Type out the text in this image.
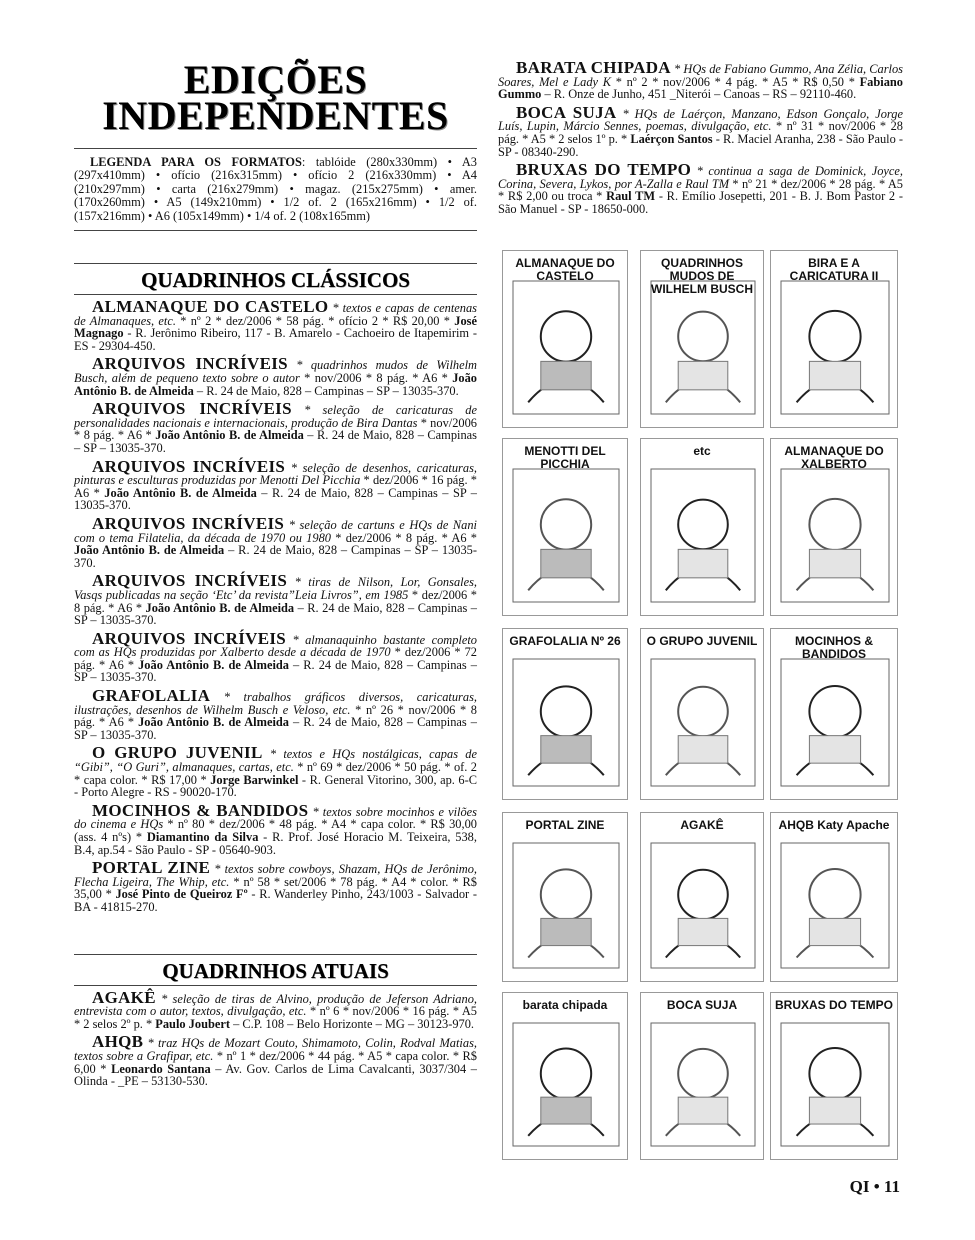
EDIÇÕES
INDEPENDENTES

LEGENDA PARA OS FORMATOS: tablóide (280x330mm) • A3 (297x410mm) • ofício (216x315mm) • ofício 2 (216x330mm) • A4 (210x297mm) • carta (216x279mm) • magaz. (215x275mm) • amer. (170x260mm) • A5 (149x210mm) • 1/2 of. 2 (165x216mm) • 1/2 of. (157x216mm) • A6 (105x149mm) • 1/4 of. 2 (108x165mm)

QUADRINHOS CLÁSSICOS

ALMANAQUE DO CASTELO * textos e capas de centenas de Almanaques, etc. * nº 2 * dez/2006 * 58 pág. * ofício 2 * R$ 20,00 * José Magnago - R. Jerônimo Ribeiro, 117 - B. Amarelo - Cachoeiro de Itapemirim - ES - 29304-450.

ARQUIVOS INCRÍVEIS * quadrinhos mudos de Wilhelm Busch, além de pequeno texto sobre o autor * nov/2006 * 8 pág. * A6 * João Antônio B. de Almeida – R. 24 de Maio, 828 – Campinas – SP – 13035-370.

ARQUIVOS INCRÍVEIS * seleção de caricaturas de personalidades nacionais e internacionais, produção de Bira Dantas * nov/2006 * 8 pág. * A6 * João Antônio B. de Almeida – R. 24 de Maio, 828 – Campinas – SP – 13035-370.

ARQUIVOS INCRÍVEIS * seleção de desenhos, caricaturas, pinturas e esculturas produzidas por Menotti Del Picchia * dez/2006 * 16 pág. * A6 * João Antônio B. de Almeida – R. 24 de Maio, 828 – Campinas – SP – 13035-370.

ARQUIVOS INCRÍVEIS * seleção de cartuns e HQs de Nani com o tema Filatelia, da década de 1970 ou 1980 * dez/2006 * 8 pág. * A6 * João Antônio B. de Almeida – R. 24 de Maio, 828 – Campinas – SP – 13035-370.

ARQUIVOS INCRÍVEIS * tiras de Nilson, Lor, Gonsales, Vasqs publicadas na seção ‘Etc’ da revista”Leia Livros”, em 1985 * dez/2006 * 8 pág. * A6 * João Antônio B. de Almeida – R. 24 de Maio, 828 – Campinas – SP – 13035-370.

ARQUIVOS INCRÍVEIS * almanaquinho bastante completo com as HQs produzidas por Xalberto desde a década de 1970 * dez/2006 * 72 pág. * A6 * João Antônio B. de Almeida – R. 24 de Maio, 828 – Campinas – SP – 13035-370.

GRAFOLALIA * trabalhos gráficos diversos, caricaturas, ilustrações, desenhos de Wilhelm Busch e Veloso, etc. * nº 26 * nov/2006 * 8 pág. * A6 * João Antônio B. de Almeida – R. 24 de Maio, 828 – Campinas – SP – 13035-370.

O GRUPO JUVENIL * textos e HQs nostálgicas, capas de “Gibi”, “O Guri”, almanaques, cartas, etc. * nº 69 * dez/2006 * 50 pág. * of. 2 * capa color. * R$ 17,00 * Jorge Barwinkel - R. General Vitorino, 300, ap. 6-C - Porto Alegre - RS - 90020-170.

MOCINHOS & BANDIDOS * textos sobre mocinhos e vilões do cinema e HQs * nº 80 * dez/2006 * 48 pág. * A4 * capa color. * R$ 30,00 (ass. 4 nºs) * Diamantino da Silva - R. Prof. José Horacio M. Teixeira, 538, B.4, ap.54 - São Paulo - SP - 05640-903.

PORTAL ZINE * textos sobre cowboys, Shazam, HQs de Jerônimo, Flecha Ligeira, The Whip, etc. * nº 58 * set/2006 * 78 pág. * A4 * color. * R$ 35,00 * José Pinto de Queiroz Fº - R. Wanderley Pinho, 243/1003 - Salvador - BA - 41815-270.

QUADRINHOS ATUAIS

AGAKÊ * seleção de tiras de Alvino, produção de Jeferson Adriano, entrevista com o autor, textos, divulgação, etc. * nº 6 * nov/2006 * 16 pág. * A5 * 2 selos 2º p. * Paulo Joubert – C.P. 108 – Belo Horizonte – MG – 30123-970.

AHQB * traz HQs de Mozart Couto, Shimamoto, Colin, Rodval Matias, textos sobre a Grafipar, etc. * nº 1 * dez/2006 * 44 pág. * A5 * capa color. * R$ 6,00 * Leonardo Santana – Av. Gov. Carlos de Lima Cavalcanti, 3037/304 – Olinda - _PE – 53130-530.

BARATA CHIPADA * HQs de Fabiano Gummo, Ana Zélia, Carlos Soares, Mel e Lady K * nº 2 * nov/2006 * 4 pág. * A5 * R$ 0,50 * Fabiano Gummo – R. Onze de Junho, 451 _Niterói – Canoas – RS – 92110-460.

BOCA SUJA * HQs de Laérçon, Manzano, Edson Gonçalo, Jorge Luís, Lupin, Márcio Sennes, poemas, divulgação, etc. * nº 31 * nov/2006 * 28 pág. * A5 * 2 selos 1º p. * Laérçon Santos - R. Maciel Aranha, 238 - São Paulo - SP - 08340-290.

BRUXAS DO TEMPO * continua a saga de Dominick, Joyce, Corina, Severa, Lykos, por A-Zalla e Raul TM * nº 21 * dez/2006 * 28 pág. * A5 * R$ 2,00 ou troca * Raul TM - R. Emílio Josepetti, 201 - B. J. Bom Pastor 2 - São Manuel - SP - 18650-000.

ALMANAQUE DO CASTELO
QUADRINHOS MUDOS DE WILHELM BUSCH
BIRA E A CARICATURA II
MENOTTI DEL PICCHIA
etc	ALMANAQUE DO XALBERTO
GRAFOLALIA Nº 26 O GRUPO JUVENIL	MOCINHOS & BANDIDOS
PORTAL ZINE	AGAKÊ	AHQB Katy Apache
barata chipada	BOCA SUJA	BRUXAS DO TEMPO
QI • 11
